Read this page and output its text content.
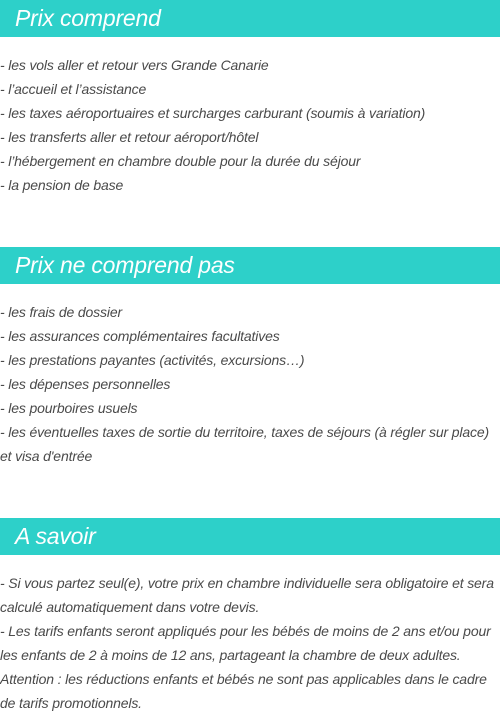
Prix comprend
- les vols aller et retour vers Grande Canarie
- l’accueil et l’assistance
- les taxes aéroportuaires et surcharges carburant (soumis à variation)
- les transferts aller et retour aéroport/hôtel
- l’hébergement en chambre double pour la durée du séjour
- la pension de base
Prix ne comprend pas
- les frais de dossier
- les assurances complémentaires facultatives
- les prestations payantes (activités, excursions…)
- les dépenses personnelles
- les pourboires usuels
- les éventuelles taxes de sortie du territoire, taxes de séjours (à régler sur place) et visa d'entrée
A savoir

- Si vous partez seul(e), votre prix en chambre individuelle sera obligatoire et sera calculé automatiquement dans votre devis.

- Les tarifs enfants seront appliqués pour les bébés de moins de 2 ans et/ou pour les enfants de 2 à moins de 12 ans, partageant la chambre de deux adultes.

Attention : les réductions enfants et bébés ne sont pas applicables dans le cadre de tarifs promotionnels.
